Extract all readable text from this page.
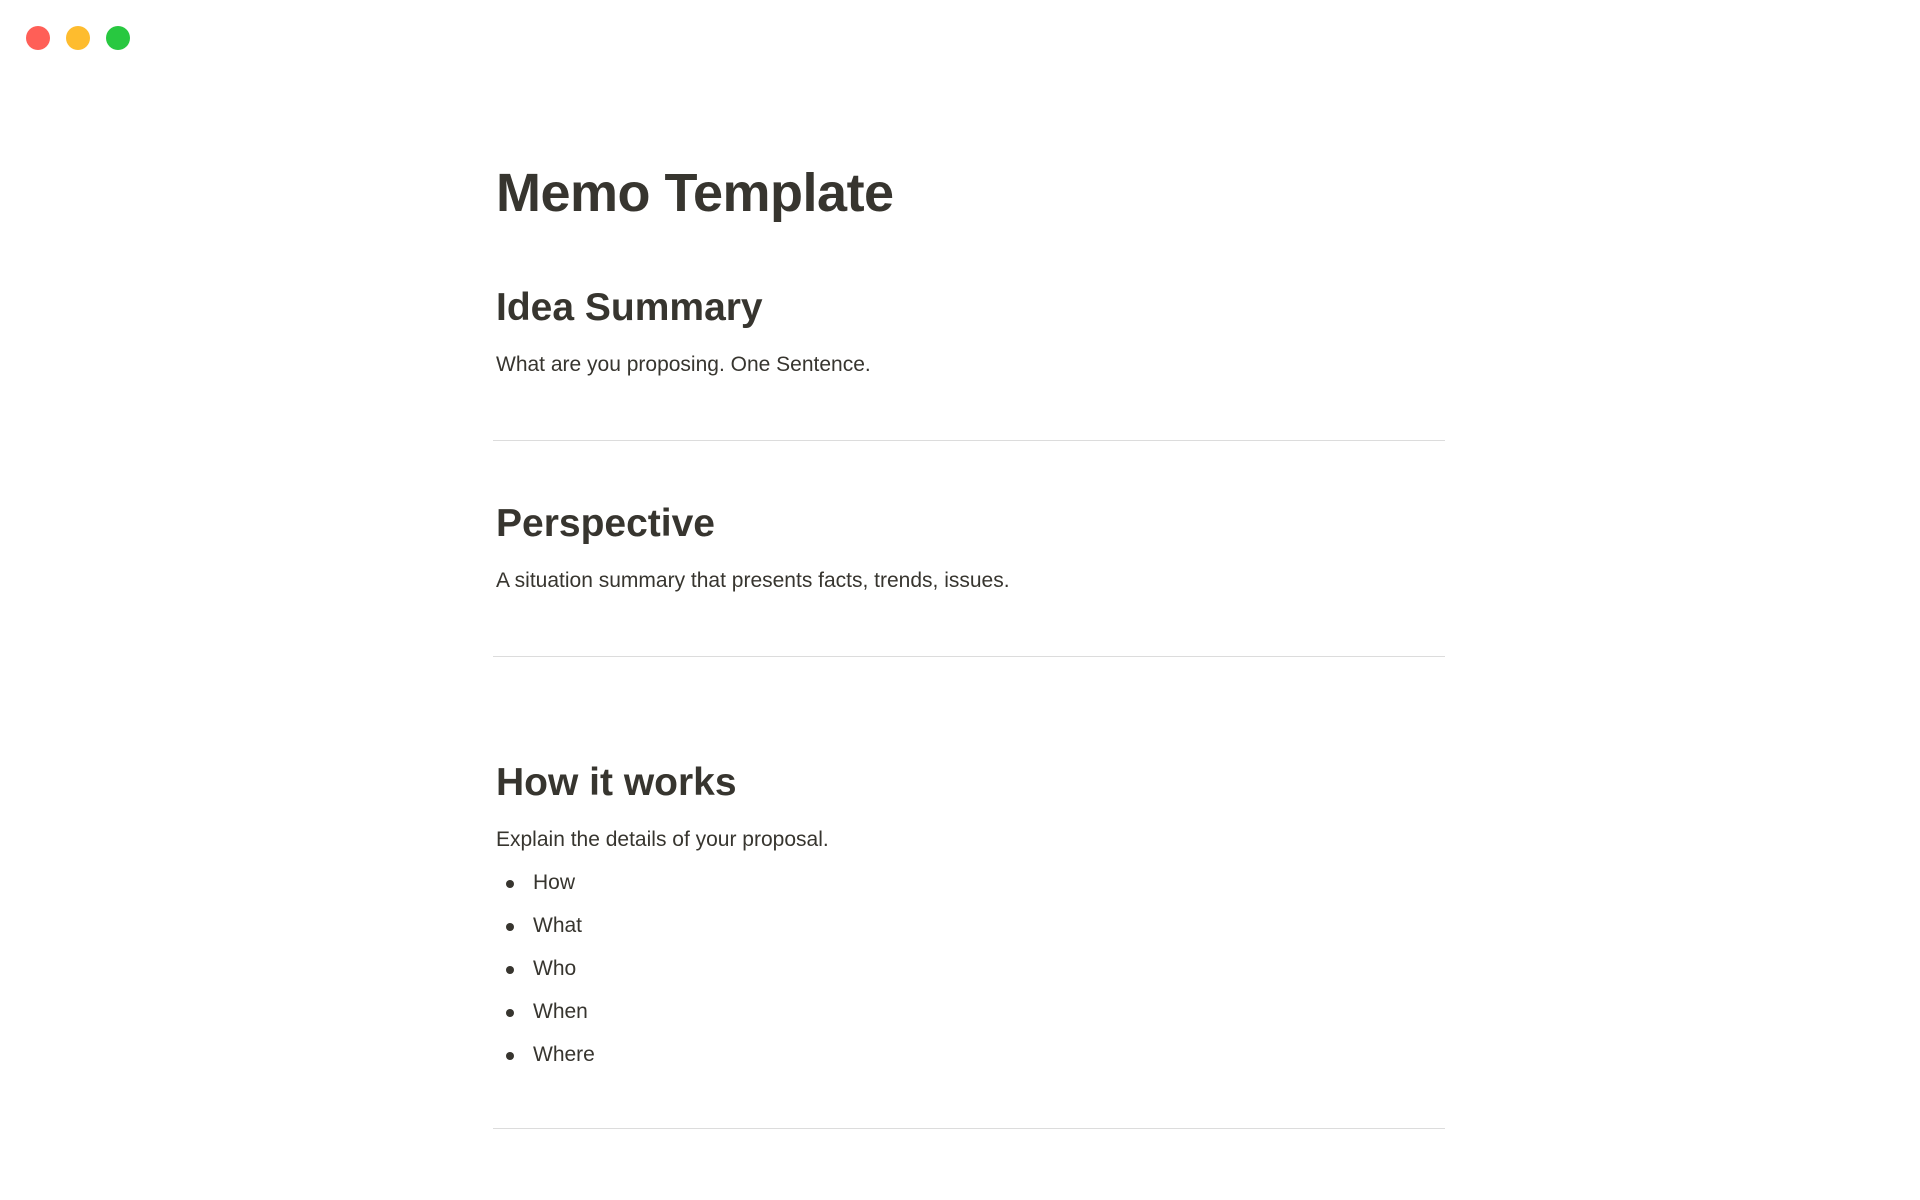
Memo Template
Idea Summary

What are you proposing. One Sentence.

Perspective

A situation summary that presents facts, trends, issues.

How it works

Explain the details of your proposal.

How
What
Who
When
Where
